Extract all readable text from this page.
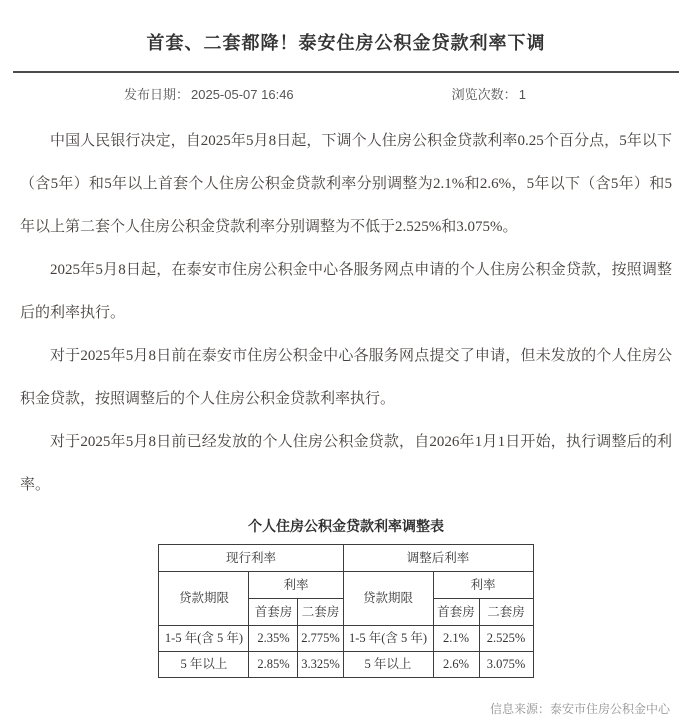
首套、二套都降！泰安住房公积金贷款利率下调
发布日期： 2025-05-07 16:46	浏览次数： 1

中国人民银行决定，自2025年5月8日起，下调个人住房公积金贷款利率0.25个百分点，5年以下（含5年）和5年以上首套个人住房公积金贷款利率分别调整为2.1%和2.6%，5年以下（含5年）和5年以上第二套个人住房公积金贷款利率分别调整为不低于2.525%和3.075%。

2025年5月8日起，在泰安市住房公积金中心各服务网点申请的个人住房公积金贷款，按照调整后的利率执行。

对于2025年5月8日前在泰安市住房公积金中心各服务网点提交了申请，但未发放的个人住房公积金贷款，按照调整后的个人住房公积金贷款利率执行。

对于2025年5月8日前已经发放的个人住房公积金贷款，自2026年1月1日开始，执行调整后的利率。

个人住房公积金贷款利率调整表
现行利率			调整后利率		
贷款期限	利率		贷款期限	利率	
	首套房	二套房		首套房	二套房
1-5 年(含 5 年)	2.35%	2.775%	1-5 年(含 5 年)	2.1%	2.525%
5 年以上	2.85%	3.325%	5 年以上	2.6%	3.075%
信息来源：泰安市住房公积金中心
